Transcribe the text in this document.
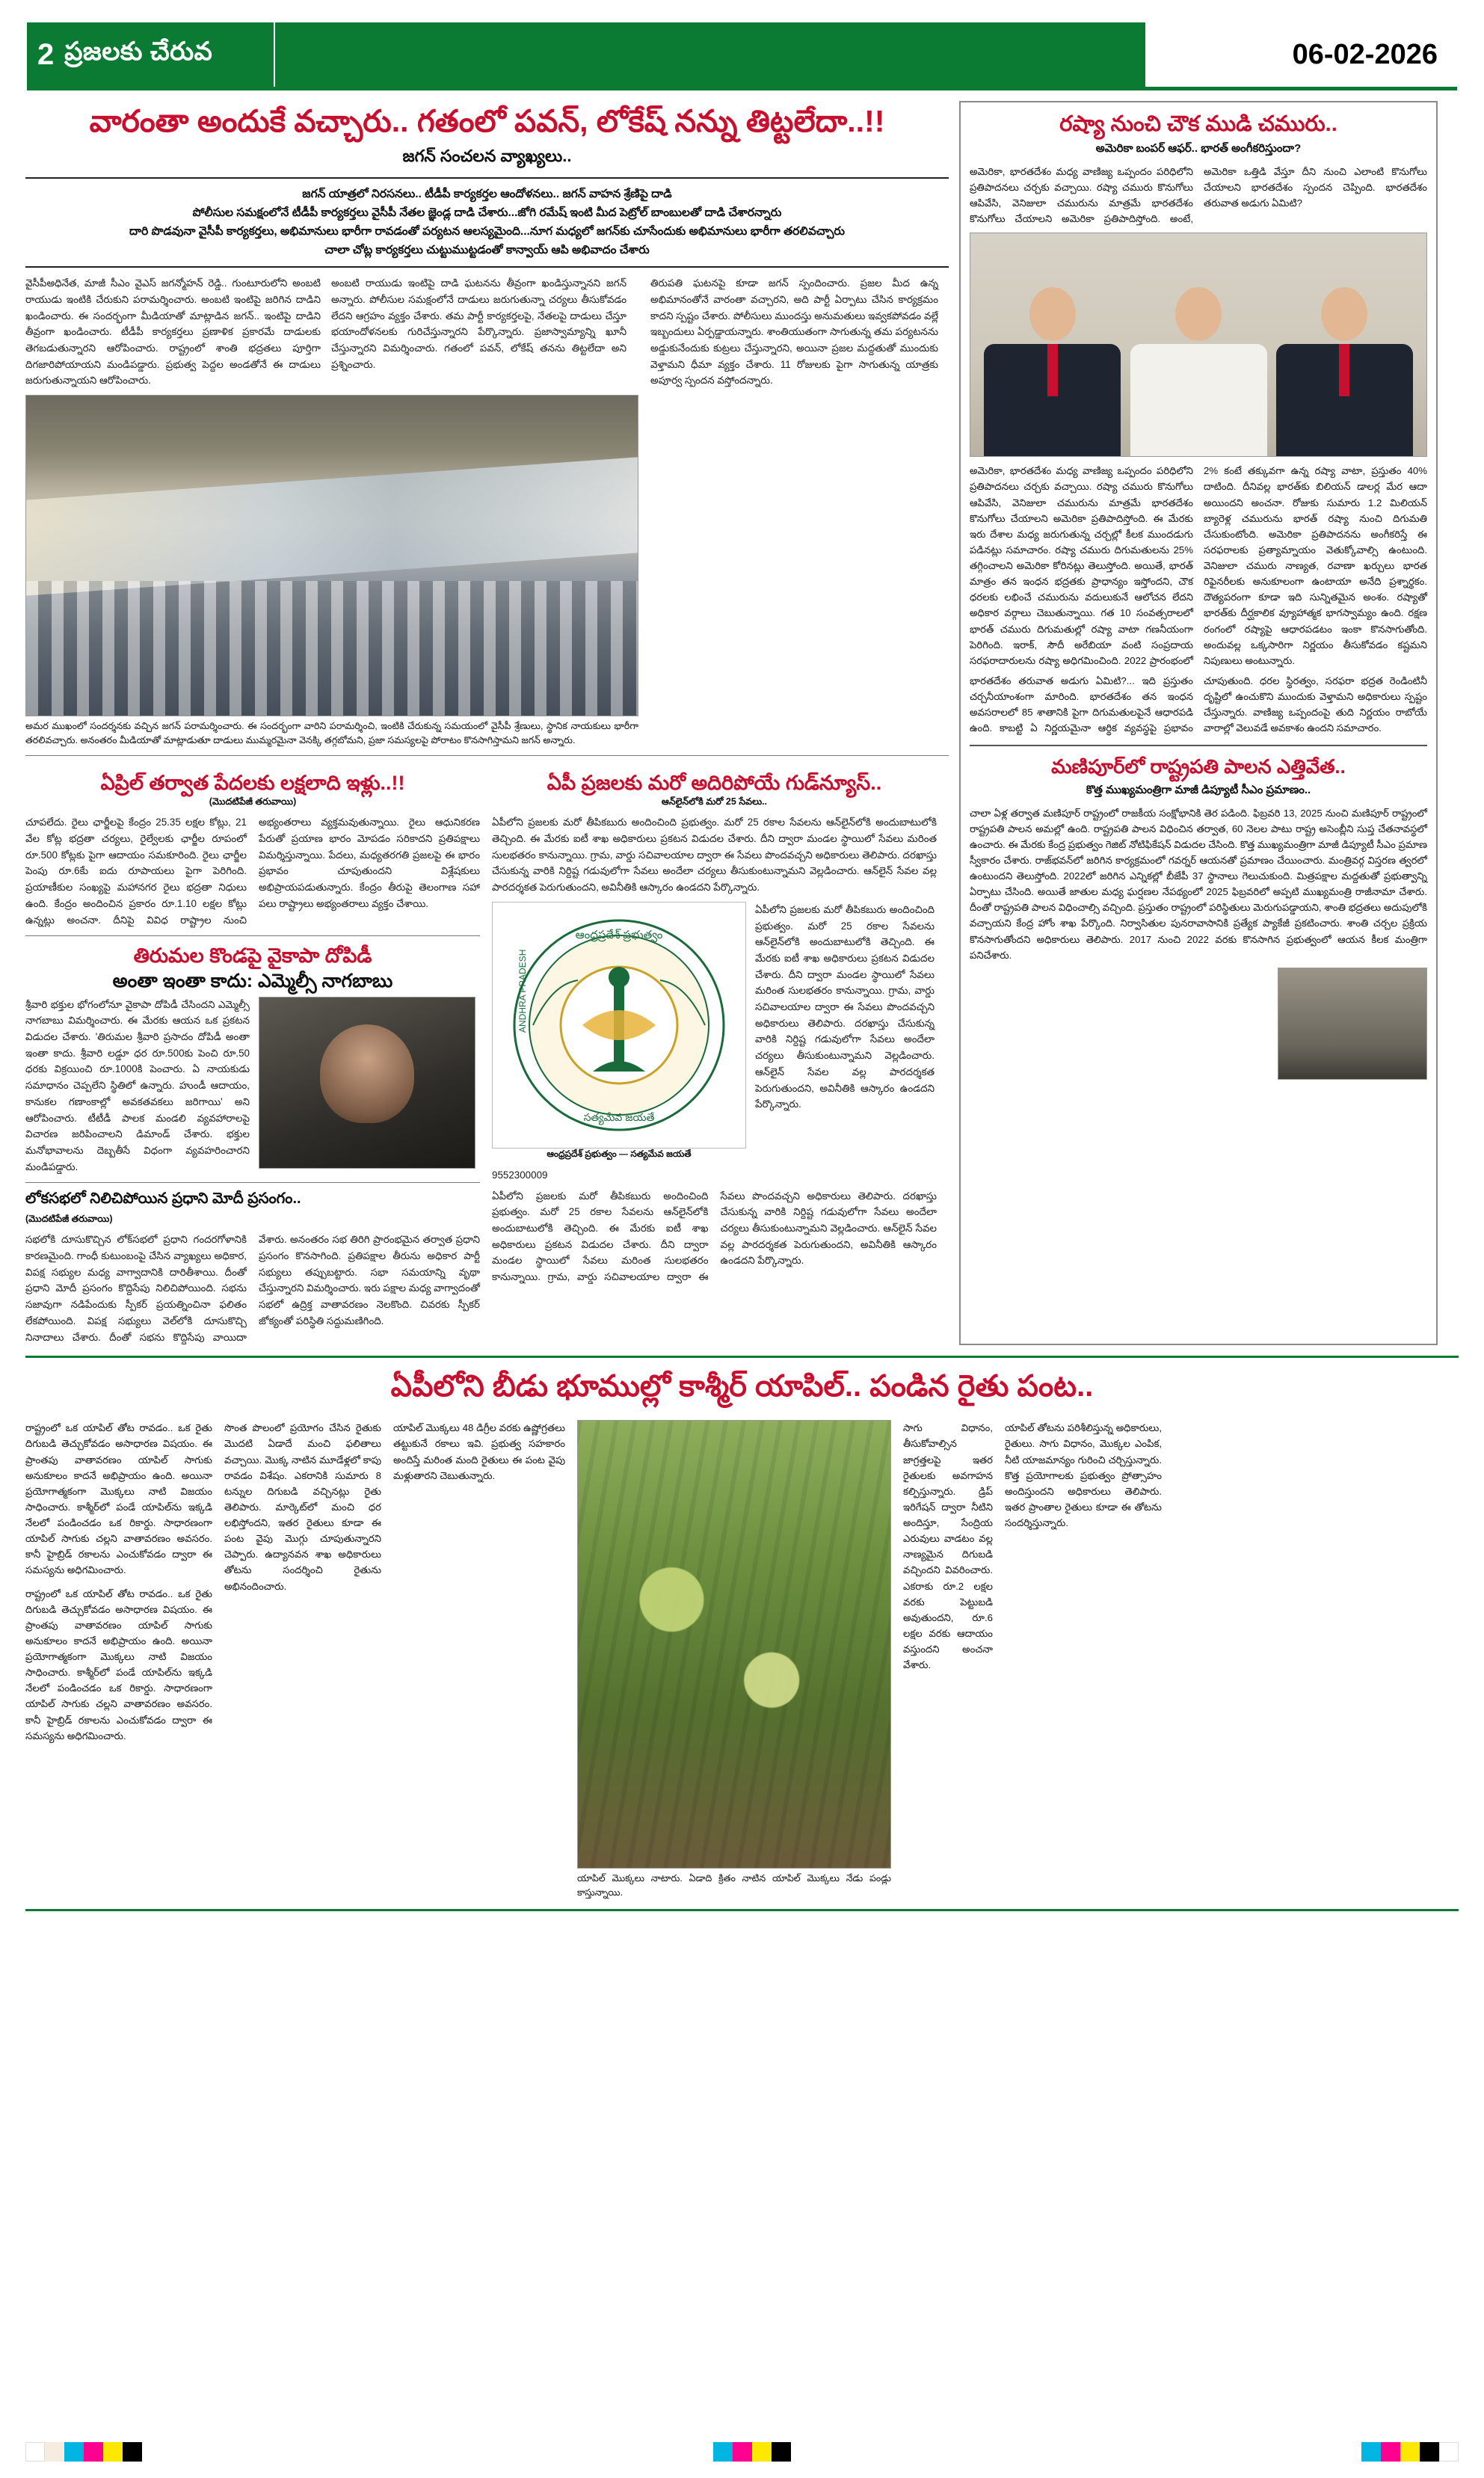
2 ప్రజలకు చేరువ	06-02-2026
వారంతా అందుకే వచ్చారు.. గతంలో పవన్, లోకేష్ నన్ను తిట్టలేదా..!!
జగన్ సంచలన వ్యాఖ్యలు..
జగన్ యాత్రలో నిరసనలు.. టీడీపీ కార్యకర్తల ఆందోళనలు.. జగన్ వాహన శ్రేణిపై దాడి
పోలీసుల సమక్షంలోనే టీడీపీ కార్యకర్తలు వైసీపీ నేతల జ్ఞెండ్ల దాడి చేశారు...జోగి రమేష్ ఇంటి మీద పెట్రోల్ బాంబులతో దాడి చేశారన్నారు
దారి పొడవునా వైసీపీ కార్యకర్తలు, అభిమానులు భారీగా రావడంతో పర్యటన ఆలస్యమైంది...నూగ మధ్యలో జగన్‌కు చూసేందుకు అభిమానులు భారీగా తరలివచ్చారు
చాలా చోట్ల కార్యకర్తలు చుట్టుముట్టడంతో కాన్వాయ్ ఆపి అభివాదం చేశారు
వైసీపీఅధినేత, మాజీ సీఎం వైఎస్ జగన్మోహన్ రెడ్డి.. గుంటూరులోని అంబటి రాయుడు ఇంటికి చేరుకుని పరామర్శించారు. అంబటి ఇంటిపై జరిగిన దాడిని ఖండించారు. ఈ సందర్భంగా మీడియాతో మాట్లాడిన జగన్.. ఇంటిపై దాడిని తీవ్రంగా ఖండించారు. టీడీపీ కార్యకర్తలు ప్రణాళిక ప్రకారమే దాడులకు తెగబడుతున్నారని ఆరోపించారు. రాష్ట్రంలో శాంతి భద్రతలు పూర్తిగా దిగజారిపోయాయని మండిపడ్డారు. ప్రభుత్వ పెద్దల అండతోనే ఈ దాడులు జరుగుతున్నాయని ఆరోపించారు.
అంబటి రాయుడు ఇంటిపై దాడి ఘటనను తీవ్రంగా ఖండిస్తున్నానని జగన్ అన్నారు. పోలీసుల సమక్షంలోనే దాడులు జరుగుతున్నా చర్యలు తీసుకోవడం లేదని ఆగ్రహం వ్యక్తం చేశారు. తమ పార్టీ కార్యకర్తలపై, నేతలపై దాడులు చేస్తూ భయాందోళనలకు గురిచేస్తున్నారని పేర్కొన్నారు. ప్రజాస్వామ్యాన్ని ఖూనీ చేస్తున్నారని విమర్శించారు. గతంలో పవన్, లోకేష్ తనను తిట్టలేదా అని ప్రశ్నించారు.
అమర ముఖంలో సందర్శనకు వచ్చిన జగన్ పరామర్శించారు. ఈ సందర్భంగా వారిని పరామర్శించి, ఇంటికి చేరుకున్న సమయంలో వైసీపీ శ్రేణులు, స్థానిక నాయకులు భారీగా తరలివచ్చారు. అనంతరం మీడియాతో మాట్లాడుతూ దాడులు ముమ్మరమైనా వెనక్కి తగ్గబోమని, ప్రజా సమస్యలపై పోరాటం కొనసాగిస్తామని జగన్ అన్నారు.
తిరుపతి ఘటనపై కూడా జగన్ స్పందించారు. ప్రజల మీద ఉన్న అభిమానంతోనే వారంతా వచ్చారని, అది పార్టీ ఏర్పాటు చేసిన కార్యక్రమం కాదని స్పష్టం చేశారు. పోలీసులు ముందస్తు అనుమతులు ఇవ్వకపోవడం వల్లే ఇబ్బందులు ఏర్పడ్డాయన్నారు. శాంతియుతంగా సాగుతున్న తమ పర్యటనను అడ్డుకునేందుకు కుట్రలు చేస్తున్నారని, అయినా ప్రజల మద్దతుతో ముందుకు వెళ్తామని ధీమా వ్యక్తం చేశారు. 11 రోజులకు పైగా సాగుతున్న యాత్రకు అపూర్వ స్పందన వస్తోందన్నారు.
ఏప్రిల్ తర్వాత పేదలకు లక్షలాది ఇళ్లు..!!
(మొదటిపేజీ తరువాయి)
చూపలేదు. రైలు ఛార్జీలపై కేంద్రం 25.35 లక్షల కోట్లు, 21 వేల కోట్ల భద్రతా చర్యలు, రైల్వేలకు ఛార్జీల రూపంలో రూ.500 కోట్లకు పైగా ఆదాయం సమకూరింది. రైలు ఛార్జీల పెంపు రూ.6కేు ఐదు రూపాయలు పైగా పెరిగింది. ప్రయాణీకుల సంఖ్యపై మహానగర రైలు భద్రతా నిధులు ఉంది. కేంద్రం అందించిన ప్రకారం రూ.1.10 లక్షల కోట్లు ఉన్నట్లు అంచనా. దీనిపై వివిధ రాష్ట్రాల నుంచి అభ్యంతరాలు వ్యక్తమవుతున్నాయి. రైలు ఆధునికరణ పేరుతో ప్రయాణ భారం మోపడం సరికాదని ప్రతిపక్షాలు విమర్శిస్తున్నాయి. పేదలు, మధ్యతరగతి ప్రజలపై ఈ భారం ప్రభావం చూపుతుందని విశ్లేషకులు అభిప్రాయపడుతున్నారు. కేంద్రం తీరుపై తెలంగాణ సహా పలు రాష్ట్రాలు అభ్యంతరాలు వ్యక్తం చేశాయి.
తిరుమల కొండపై వైకాపా దోపిడీ
అంతా ఇంతా కాదు: ఎమ్మెల్సీ నాగబాబు
శ్రీవారి భక్తుల భోగంలోనూ వైకాపా దోపిడీ చేసిందని ఎమ్మెల్సీ నాగబాబు విమర్శించారు. ఈ మేరకు ఆయన ఒక ప్రకటన విడుదల చేశారు. 'తిరుమల శ్రీవారి ప్రసాదం దోపిడీ అంతా ఇంతా కాదు. శ్రీవారి లడ్డూ ధర రూ.500కు పెంచి రూ.50 ధరకు విక్రయించి రూ.1000కి పెంచారు. ఏ నాయకుడు సమాధానం చెప్పలేని స్థితిలో ఉన్నారు. హుండీ ఆదాయం, కానుకల గణాంకాల్లో అవకతవకలు జరిగాయి' అని ఆరోపించారు. టీటీడీ పాలక మండలి వ్యవహారాలపై విచారణ జరిపించాలని డిమాండ్ చేశారు. భక్తుల మనోభావాలను దెబ్బతీసే విధంగా వ్యవహరించారని మండిపడ్డారు.
లోకసభలో నిలిచిపోయిన ప్రధాని మోదీ ప్రసంగం..
(మొదటిపేజీ తరువాయి)
సభలోకి దూసుకొచ్చిన లోక్‌సభలో ప్రధాని గందరగోళానికి కారణమైంది. గాంధీ కుటుంబంపై చేసిన వ్యాఖ్యలు అధికార, విపక్ష సభ్యుల మధ్య వాగ్వాదానికి దారితీశాయి. దీంతో ప్రధాని మోదీ ప్రసంగం కొద్దిసేపు నిలిచిపోయింది. సభను సజావుగా నడిపేందుకు స్పీకర్ ప్రయత్నించినా ఫలితం లేకపోయింది. విపక్ష సభ్యులు వెల్‌లోకి దూసుకొచ్చి నినాదాలు చేశారు. దీంతో సభను కొద్దిసేపు వాయిదా వేశారు. అనంతరం సభ తిరిగి ప్రారంభమైన తర్వాత ప్రధాని ప్రసంగం కొనసాగింది. ప్రతిపక్షాల తీరును అధికార పార్టీ సభ్యులు తప్పుబట్టారు. సభా సమయాన్ని వృథా చేస్తున్నారని విమర్శించారు. ఇరు పక్షాల మధ్య వాగ్వాదంతో సభలో ఉద్రిక్త వాతావరణం నెలకొంది. చివరకు స్పీకర్ జోక్యంతో పరిస్థితి సద్దుమణిగింది.
ఏపీ ప్రజలకు మరో అదిరిపోయే గుడ్‌న్యూస్..
ఆన్‌లైన్‌లోకి మరో 25 సేవలు..
ఏపీలోని ప్రజలకు మరో తీపికబురు అందించింది ప్రభుత్వం. మరో 25 రకాల సేవలను ఆన్‌లైన్‌లోకి అందుబాటులోకి తెచ్చింది. ఈ మేరకు ఐటీ శాఖ అధికారులు ప్రకటన విడుదల చేశారు. దీని ద్వారా మండల స్థాయిలో సేవలు మరింత సులభతరం కానున్నాయి. గ్రామ, వార్డు సచివాలయాల ద్వారా ఈ సేవలు పొందవచ్చని అధికారులు తెలిపారు. దరఖాస్తు చేసుకున్న వారికి నిర్దిష్ట గడువులోగా సేవలు అందేలా చర్యలు తీసుకుంటున్నామని వెల్లడించారు. ఆన్‌లైన్ సేవల వల్ల పారదర్శకత పెరుగుతుందని, అవినీతికి ఆస్కారం ఉండదని పేర్కొన్నారు.
ఆంధ్రప్రదేశ్ ప్రభుత్వం
సత్యమేవ జయతే
ANDHRA PRADESH
ఆంధ్రప్రదేశ్ ప్రభుత్వం — సత్యమేవ జయతే
ఏపీలోని ప్రజలకు మరో తీపికబురు అందించింది ప్రభుత్వం. మరో 25 రకాల సేవలను ఆన్‌లైన్‌లోకి అందుబాటులోకి తెచ్చింది. ఈ మేరకు ఐటీ శాఖ అధికారులు ప్రకటన విడుదల చేశారు. దీని ద్వారా మండల స్థాయిలో సేవలు మరింత సులభతరం కానున్నాయి. గ్రామ, వార్డు సచివాలయాల ద్వారా ఈ సేవలు పొందవచ్చని అధికారులు తెలిపారు. దరఖాస్తు చేసుకున్న వారికి నిర్దిష్ట గడువులోగా సేవలు అందేలా చర్యలు తీసుకుంటున్నామని వెల్లడించారు. ఆన్‌లైన్ సేవల వల్ల పారదర్శకత పెరుగుతుందని, అవినీతికి ఆస్కారం ఉండదని పేర్కొన్నారు.
9552300009
ఏపీలోని ప్రజలకు మరో తీపికబురు అందించింది ప్రభుత్వం. మరో 25 రకాల సేవలను ఆన్‌లైన్‌లోకి అందుబాటులోకి తెచ్చింది. ఈ మేరకు ఐటీ శాఖ అధికారులు ప్రకటన విడుదల చేశారు. దీని ద్వారా మండల స్థాయిలో సేవలు మరింత సులభతరం కానున్నాయి. గ్రామ, వార్డు సచివాలయాల ద్వారా ఈ సేవలు పొందవచ్చని అధికారులు తెలిపారు. దరఖాస్తు చేసుకున్న వారికి నిర్దిష్ట గడువులోగా సేవలు అందేలా చర్యలు తీసుకుంటున్నామని వెల్లడించారు. ఆన్‌లైన్ సేవల వల్ల పారదర్శకత పెరుగుతుందని, అవినీతికి ఆస్కారం ఉండదని పేర్కొన్నారు.
రష్యా నుంచి చౌక ముడి చమురు..
అమెరికా బంపర్ ఆఫర్.. భారత్ అంగీకరిస్తుందా?
అమెరికా, భారతదేశం మధ్య వాణిజ్య ఒప్పందం పరిధిలోని ప్రతిపాదనలు చర్చకు వచ్చాయి. రష్యా చమురు కొనుగోలు ఆపివేసి, వెనిజులా చమురును మాత్రమే భారతదేశం కొనుగోలు చేయాలని అమెరికా ప్రతిపాదిస్తోంది. అంటే, అమెరికా ఒత్తిడి వేస్తూ దీని నుంచి ఎలాంటి కొనుగోలు చేయాలని భారతదేశం స్పందన చెప్పింది. భారతదేశం తరువాత అడుగు ఏమిటి?
అమెరికా, భారతదేశం మధ్య వాణిజ్య ఒప్పందం పరిధిలోని ప్రతిపాదనలు చర్చకు వచ్చాయి. రష్యా చమురు కొనుగోలు ఆపివేసి, వెనిజులా చమురును మాత్రమే భారతదేశం కొనుగోలు చేయాలని అమెరికా ప్రతిపాదిస్తోంది. ఈ మేరకు ఇరు దేశాల మధ్య జరుగుతున్న చర్చల్లో కీలక ముందడుగు పడినట్లు సమాచారం. రష్యా చమురు దిగుమతులను 25% తగ్గించాలని అమెరికా కోరినట్లు తెలుస్తోంది. అయితే, భారత్ మాత్రం తన ఇంధన భద్రతకు ప్రాధాన్యం ఇస్తోందని, చౌక ధరలకు లభించే చమురును వదులుకునే ఆలోచన లేదని అధికార వర్గాలు చెబుతున్నాయి. గత 10 సంవత్సరాలలో భారత్ చమురు దిగుమతుల్లో రష్యా వాటా గణనీయంగా పెరిగింది. ఇరాక్, సౌదీ అరేబియా వంటి సంప్రదాయ సరఫరాదారులను రష్యా అధిగమించింది. 2022 ప్రారంభంలో 2% కంటే తక్కువగా ఉన్న రష్యా వాటా, ప్రస్తుతం 40% దాటింది. దీనివల్ల భారత్‌కు బిలియన్ డాలర్ల మేర ఆదా అయిందని అంచనా. రోజుకు సుమారు 1.2 మిలియన్ బ్యారెళ్ల చమురును భారత్ రష్యా నుంచి దిగుమతి చేసుకుంటోంది. అమెరికా ప్రతిపాదనను అంగీకరిస్తే ఈ సరఫరాలకు ప్రత్యామ్నాయం వెతుక్కోవాల్సి ఉంటుంది. వెనిజులా చమురు నాణ్యత, రవాణా ఖర్చులు భారత రిఫైనరీలకు అనుకూలంగా ఉంటాయా అనేది ప్రశ్నార్థకం. దౌత్యపరంగా కూడా ఇది సున్నితమైన అంశం. రష్యాతో భారత్‌కు దీర్ఘకాలిక వ్యూహాత్మక భాగస్వామ్యం ఉంది. రక్షణ రంగంలో రష్యాపై ఆధారపడటం ఇంకా కొనసాగుతోంది. అందువల్ల ఒక్కసారిగా నిర్ణయం తీసుకోవడం కష్టమని నిపుణులు అంటున్నారు.
భారతదేశం తరువాత అడుగు ఏమిటి?... ఇది ప్రస్తుతం చర్చనీయాంశంగా మారింది. భారతదేశం తన ఇంధన అవసరాలలో 85 శాతానికి పైగా దిగుమతులపైనే ఆధారపడి ఉంది. కాబట్టి ఏ నిర్ణయమైనా ఆర్థిక వ్యవస్థపై ప్రభావం చూపుతుంది. ధరల స్థిరత్వం, సరఫరా భద్రత రెండింటినీ దృష్టిలో ఉంచుకొని ముందుకు వెళ్తామని అధికారులు స్పష్టం చేస్తున్నారు. వాణిజ్య ఒప్పందంపై తుది నిర్ణయం రాబోయే వారాల్లో వెలువడే అవకాశం ఉందని సమాచారం.
మణిపూర్‌లో రాష్ట్రపతి పాలన ఎత్తివేత..
కొత్త ముఖ్యమంత్రిగా మాజీ డిప్యూటీ సీఎం ప్రమాణం..
చాలా ఏళ్ల తర్వాత మణిపూర్ రాష్ట్రంలో రాజకీయ సంక్షోభానికి తెర పడింది. ఫిబ్రవరి 13, 2025 నుంచి మణిపూర్ రాష్ట్రంలో రాష్ట్రపతి పాలన అమల్లో ఉంది. రాష్ట్రపతి పాలన విధించిన తర్వాత, 60 నెలల పాటు రాష్ట్ర అసెంబ్లీని సుప్త చేతనావస్థలో ఉంచారు. ఈ మేరకు కేంద్ర ప్రభుత్వం గెజిట్ నోటిఫికేషన్ విడుదల చేసింది. కొత్త ముఖ్యమంత్రిగా మాజీ డిప్యూటీ సీఎం ప్రమాణ స్వీకారం చేశారు. రాజ్‌భవన్‌లో జరిగిన కార్యక్రమంలో గవర్నర్ ఆయనతో ప్రమాణం చేయించారు. మంత్రివర్గ విస్తరణ త్వరలో ఉంటుందని తెలుస్తోంది. 2022లో జరిగిన ఎన్నికల్లో బీజేపీ 37 స్థానాలు గెలుచుకుంది. మిత్రపక్షాల మద్దతుతో ప్రభుత్వాన్ని ఏర్పాటు చేసింది. అయితే జాతుల మధ్య ఘర్షణల నేపథ్యంలో 2025 ఫిబ్రవరిలో అప్పటి ముఖ్యమంత్రి రాజీనామా చేశారు. దీంతో రాష్ట్రపతి పాలన విధించాల్సి వచ్చింది. ప్రస్తుతం రాష్ట్రంలో పరిస్థితులు మెరుగుపడ్డాయని, శాంతి భద్రతలు అదుపులోకి వచ్చాయని కేంద్ర హోం శాఖ పేర్కొంది. నిర్వాసితుల పునరావాసానికి ప్రత్యేక ప్యాకేజీ ప్రకటించారు. శాంతి చర్చల ప్రక్రియ కొనసాగుతోందని అధికారులు తెలిపారు. 2017 నుంచి 2022 వరకు కొనసాగిన ప్రభుత్వంలో ఆయన కీలక మంత్రిగా పనిచేశారు.
ఏపీలోని బీడు భూముల్లో కాశ్మీర్ యాపిల్.. పండిన రైతు పంట..
రాష్ట్రంలో ఒక యాపిల్ తోట రావడం.. ఒక రైతు దిగుబడి తెచ్చుకోవడం అసాధారణ విషయం. ఈ ప్రాంతపు వాతావరణం యాపిల్ సాగుకు అనుకూలం కాదనే అభిప్రాయం ఉంది. అయినా ప్రయోగాత్మకంగా మొక్కలు నాటి విజయం సాధించారు. కాశ్మీర్‌లో పండే యాపిల్‌ను ఇక్కడి నేలలో పండించడం ఒక రికార్డు. సాధారణంగా యాపిల్ సాగుకు చల్లని వాతావరణం అవసరం. కానీ హైబ్రిడ్ రకాలను ఎంచుకోవడం ద్వారా ఈ సమస్యను అధిగమించారు.
రాష్ట్రంలో ఒక యాపిల్ తోట రావడం.. ఒక రైతు దిగుబడి తెచ్చుకోవడం అసాధారణ విషయం. ఈ ప్రాంతపు వాతావరణం యాపిల్ సాగుకు అనుకూలం కాదనే అభిప్రాయం ఉంది. అయినా ప్రయోగాత్మకంగా మొక్కలు నాటి విజయం సాధించారు. కాశ్మీర్‌లో పండే యాపిల్‌ను ఇక్కడి నేలలో పండించడం ఒక రికార్డు. సాధారణంగా యాపిల్ సాగుకు చల్లని వాతావరణం అవసరం. కానీ హైబ్రిడ్ రకాలను ఎంచుకోవడం ద్వారా ఈ సమస్యను అధిగమించారు.
సొంత పొలంలో ప్రయోగం చేసిన రైతుకు మొదటి ఏడాదే మంచి ఫలితాలు వచ్చాయి. మొక్క నాటిన మూడేళ్లలో కాపు రావడం విశేషం. ఎకరానికి సుమారు 8 టన్నుల దిగుబడి వచ్చినట్లు రైతు తెలిపారు. మార్కెట్‌లో మంచి ధర లభిస్తోందని, ఇతర రైతులు కూడా ఈ పంట వైపు మొగ్గు చూపుతున్నారని చెప్పారు. ఉద్యానవన శాఖ అధికారులు తోటను సందర్శించి రైతును అభినందించారు.
యాపిల్ మొక్కలు 48 డిగ్రీల వరకు ఉష్ణోగ్రతలు తట్టుకునే రకాలు ఇవి. ప్రభుత్వ సహకారం అందిస్తే మరింత మంది రైతులు ఈ పంట వైపు మళ్లుతారని చెబుతున్నారు.
యాపిల్ మొక్కలు నాటారు. ఏడాది క్రితం నాటిన యాపిల్ మొక్కలు నేడు పండ్లు కాస్తున్నాయి.
సాగు విధానం, తీసుకోవాల్సిన జాగ్రత్తలపై ఇతర రైతులకు అవగాహన కల్పిస్తున్నారు. డ్రిప్ ఇరిగేషన్ ద్వారా నీటిని అందిస్తూ, సేంద్రియ ఎరువులు వాడటం వల్ల నాణ్యమైన దిగుబడి వచ్చిందని వివరించారు. ఎకరాకు రూ.2 లక్షల వరకు పెట్టుబడి అవుతుందని, రూ.6 లక్షల వరకు ఆదాయం వస్తుందని అంచనా వేశారు.
యాపిల్ తోటను పరిశీలిస్తున్న అధికారులు, రైతులు. సాగు విధానం, మొక్కల ఎంపిక, నీటి యాజమాన్యం గురించి చర్చిస్తున్నారు. కొత్త ప్రయోగాలకు ప్రభుత్వం ప్రోత్సాహం అందిస్తుందని అధికారులు తెలిపారు. ఇతర ప్రాంతాల రైతులు కూడా ఈ తోటను సందర్శిస్తున్నారు.
